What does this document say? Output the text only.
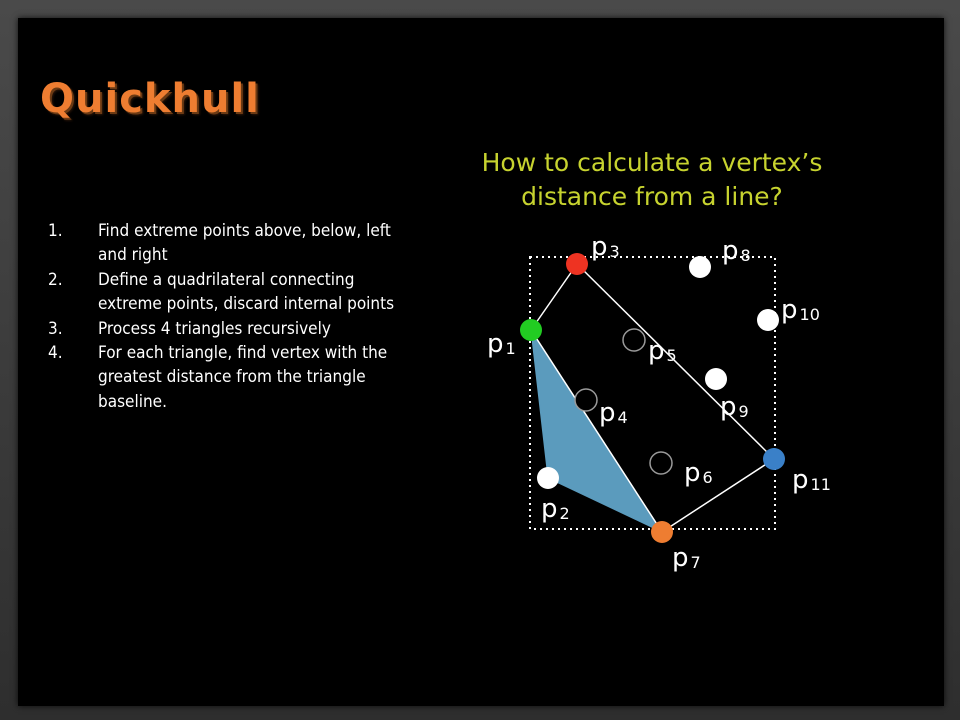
Quickhull
How to calculate a vertex’s distance from a line?
1. Find extreme points above, below, left and right
2. Define a quadrilateral connecting extreme points, discard internal points
3. Process 4 triangles recursively
4. For each triangle, find vertex with the greatest distance from the triangle baseline.
p 1
p 2
p 3
p 4
p 5
p 6
p 7
p 8
p 9
p 10
p 11
